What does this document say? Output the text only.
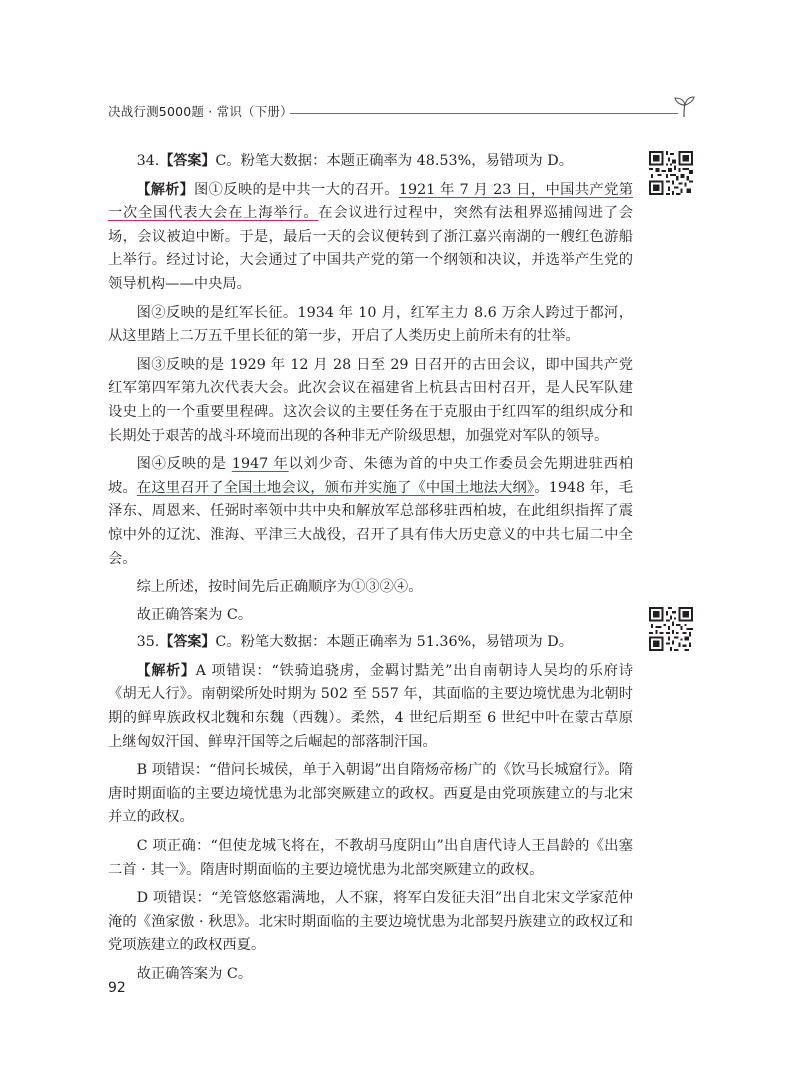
决战行测5000题 · 常识（下册）

34.【答案】C。粉笔大数据：本题正确率为 48.53%，易错项为 D。

【解析】图①反映的是中共一大的召开。1921 年 7 月 23 日，中国共产党第一次全国代表大会在上海举行。在会议进行过程中，突然有法租界巡捕闯进了会场，会议被迫中断。于是，最后一天的会议便转到了浙江嘉兴南湖的一艘红色游船上举行。经过讨论，大会通过了中国共产党的第一个纲领和决议，并选举产生党的领导机构——中央局。

图②反映的是红军长征。1934 年 10 月，红军主力 8.6 万余人跨过于都河，从这里踏上二万五千里长征的第一步，开启了人类历史上前所未有的壮举。

图③反映的是 1929 年 12 月 28 日至 29 日召开的古田会议，即中国共产党红军第四军第九次代表大会。此次会议在福建省上杭县古田村召开，是人民军队建设史上的一个重要里程碑。这次会议的主要任务在于克服由于红四军的组织成分和长期处于艰苦的战斗环境而出现的各种非无产阶级思想，加强党对军队的领导。

图④反映的是 1947 年以刘少奇、朱德为首的中央工作委员会先期进驻西柏坡。在这里召开了全国土地会议，颁布并实施了《中国土地法大纲》。1948 年，毛泽东、周恩来、任弼时率领中共中央和解放军总部移驻西柏坡，在此组织指挥了震惊中外的辽沈、淮海、平津三大战役，召开了具有伟大历史意义的中共七届二中全会。

综上所述，按时间先后正确顺序为①③②④。

故正确答案为 C。

35.【答案】C。粉笔大数据：本题正确率为 51.36%，易错项为 D。

【解析】A 项错误：“铁骑追骁虏，金羁讨黠羌”出自南朝诗人吴均的乐府诗《胡无人行》。南朝梁所处时期为 502 至 557 年，其面临的主要边境忧患为北朝时期的鲜卑族政权北魏和东魏（西魏）。柔然，4 世纪后期至 6 世纪中叶在蒙古草原上继匈奴汗国、鲜卑汗国等之后崛起的部落制汗国。

B 项错误：“借问长城侯，单于入朝谒”出自隋炀帝杨广的《饮马长城窟行》。隋唐时期面临的主要边境忧患为北部突厥建立的政权。西夏是由党项族建立的与北宋并立的政权。

C 项正确：“但使龙城飞将在，不教胡马度阴山”出自唐代诗人王昌龄的《出塞二首 · 其一》。隋唐时期面临的主要边境忧患为北部突厥建立的政权。

D 项错误：“羌管悠悠霜满地，人不寐，将军白发征夫泪”出自北宋文学家范仲淹的《渔家傲 · 秋思》。北宋时期面临的主要边境忧患为北部契丹族建立的政权辽和党项族建立的政权西夏。

故正确答案为 C。

92
